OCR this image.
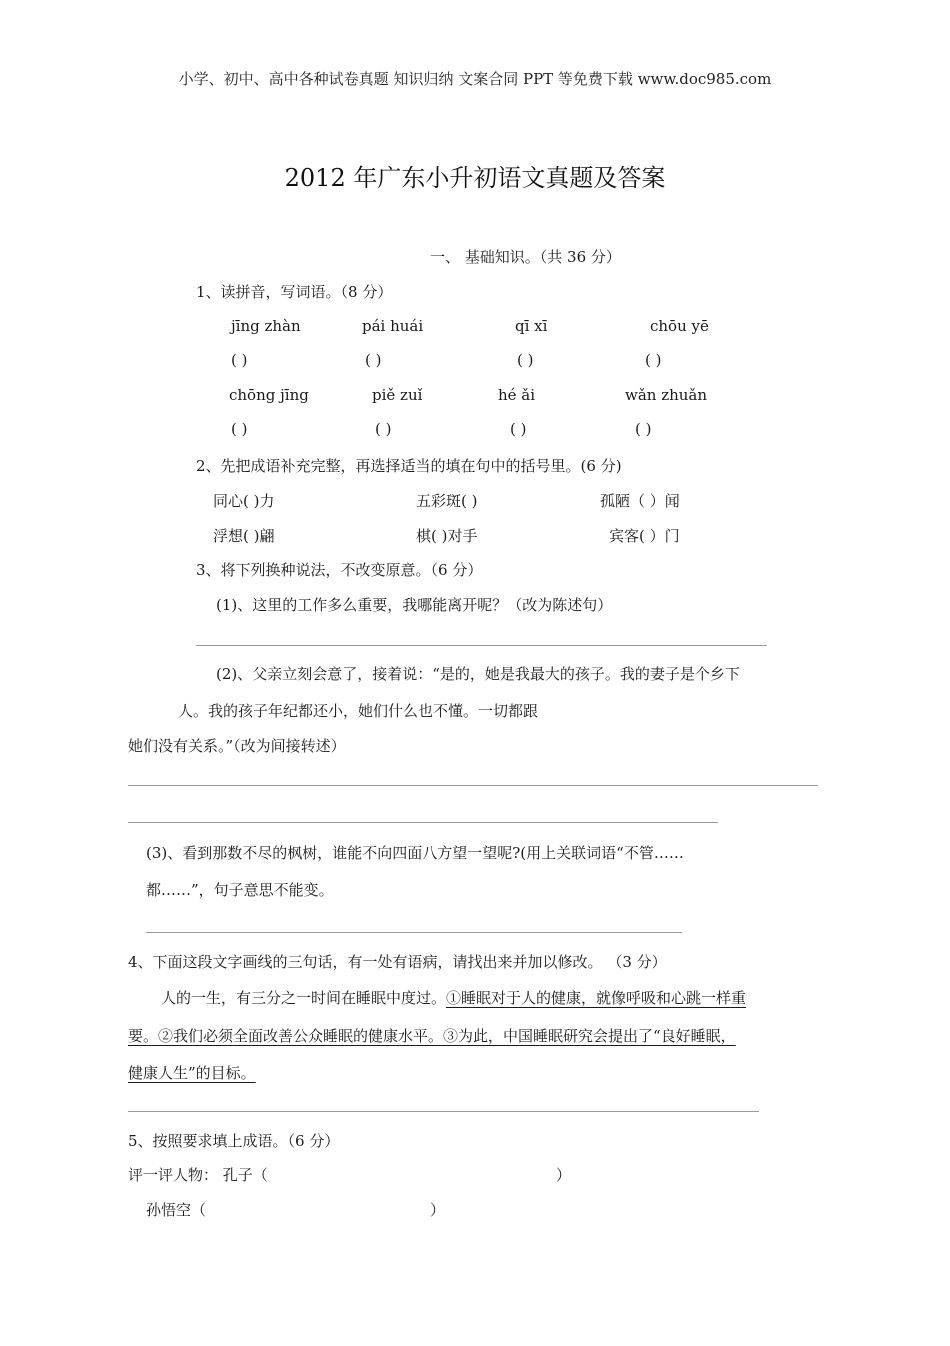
小学、初中、高中各种试卷真题 知识归纳 文案合同 PPT 等免费下载 www.doc985.com
2012 年广东小升初语文真题及答案
一、 基础知识。（共 36 分）
1、读拼音，写词语。（8 分）
jīng zhàn	pái huái	qī xī	chōu yē
( )	( )	( )	( )
chōng jīng	piě zuǐ	hé ǎi	wǎn zhuǎn
( )	( )	( )	( )
2、先把成语补充完整，再选择适当的填在句中的括号里。(6 分)
同心( )力	五彩斑( )	孤陋（ ）闻
浮想( )翩	棋( )对手	宾客( ）门
3、将下列换种说法，不改变原意。（6 分）
(1)、这里的工作多么重要，我哪能离开呢？（改为陈述句）
(2)、父亲立刻会意了，接着说：“是的，她是我最大的孩子。我的妻子是个乡下
人。我的孩子年纪都还小，她们什么也不懂。一切都跟
她们没有关系。”（改为间接转述）
(3)、看到那数不尽的枫树，谁能不向四面八方望一望呢?(用上关联词语“不管……
都……”，句子意思不能变。
4、下面这段文字画线的三句话，有一处有语病，请找出来并加以修改。 （3 分）
人的一生，有三分之一时间在睡眠中度过。①睡眠对于人的健康，就像呼吸和心跳一样重
要。②我们必须全面改善公众睡眠的健康水平。③为此，中国睡眠研究会提出了“良好睡眠，
健康人生”的目标。
5、按照要求填上成语。（6 分）
评一评人物： 孔子（	）
孙悟空（	）
